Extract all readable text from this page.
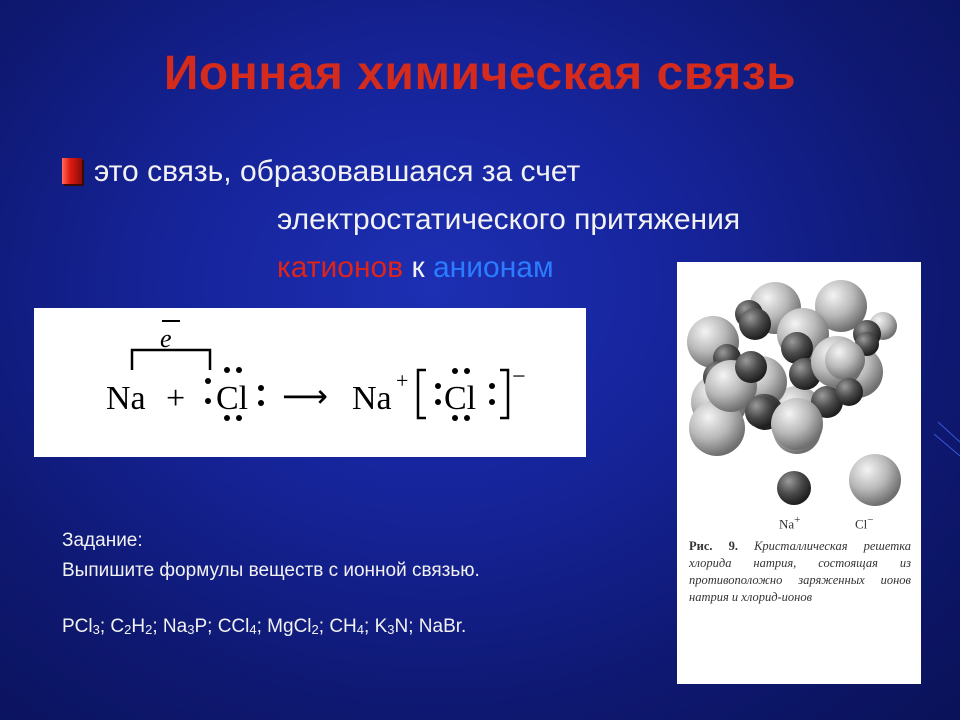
Ионная химическая связь
это связь, образовавшаяся за счет
электростатического притяжения
катионов к анионам
e
Na + Cl ⟶ Na + Cl
−
Задание:
Выпишите формулы веществ с ионной связью.
PCl$_3$; $C_2H_2$; $Na_3P$; CCl$_4$; MgCl$_2$; $CH_4$; $K_3N$; NaBr.
Na+	Cl−
Рис. 9. Кристаллическая решетка хлорида натрия, состоящая из противоположно заряженных ионов натрия и хлорид-ионов
